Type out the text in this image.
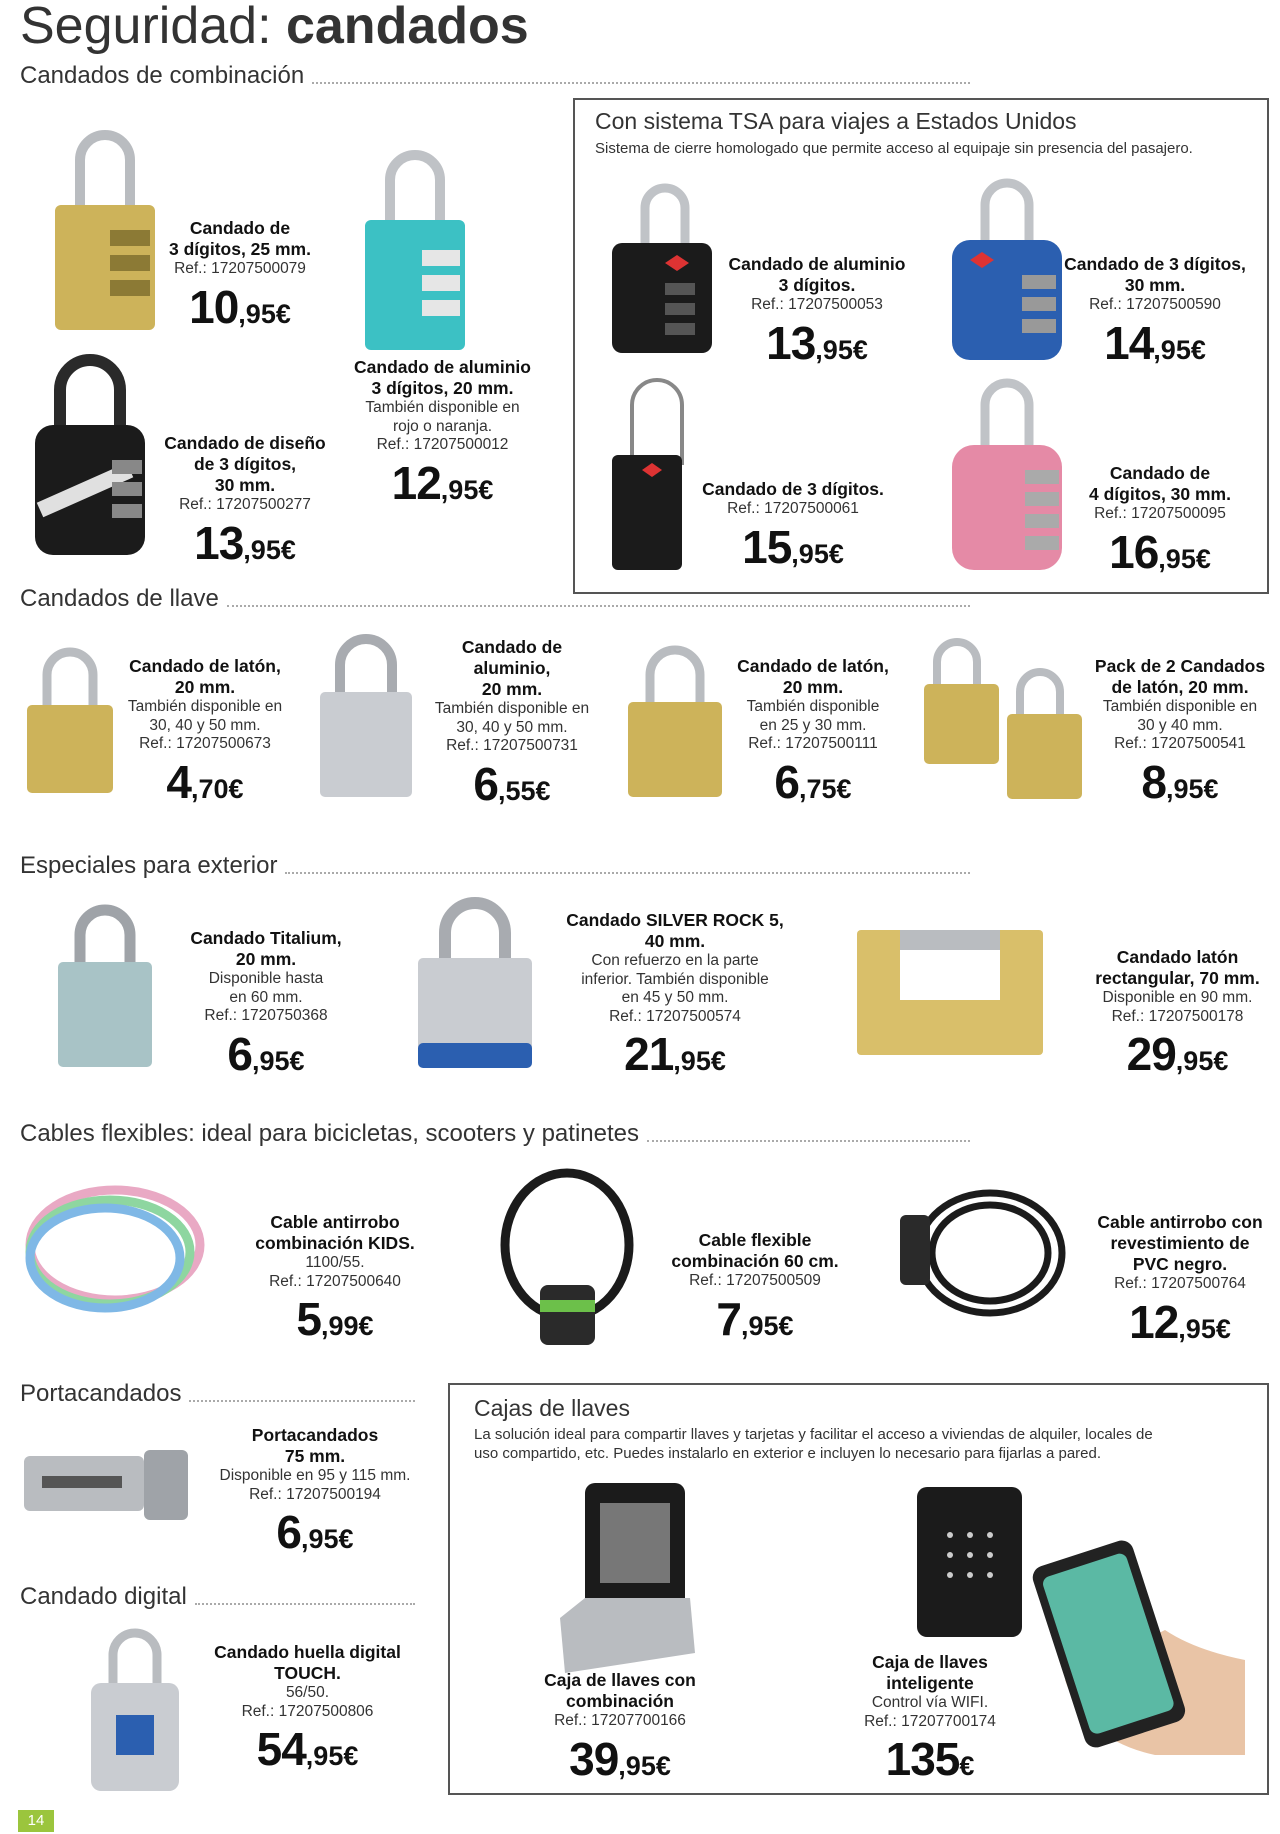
Seguridad: candados
Candados de combinación
Candados de llave
Especiales para exterior
Cables flexibles: ideal para bicicletas, scooters y patinetes
Portacandados
Candado digital
Con sistema TSA para viajes a Estados Unidos
Sistema de cierre homologado que permite acceso al equipaje sin presencia del pasajero.
Cajas de llaves
La solución ideal para compartir llaves y tarjetas y facilitar el acceso a viviendas de alquiler, locales de
uso compartido, etc. Puedes instalarlo en exterior e incluyen lo necesario para fijarlas a pared.
Candado de
3 dígitos, 25 mm.
Ref.: 17207500079
10,95€
Candado de aluminio
3 dígitos, 20 mm.
También disponible en
rojo o naranja.
Ref.: 17207500012
12,95€
Candado de diseño
de 3 dígitos,
30 mm.
Ref.: 17207500277
13,95€
Candado de aluminio
3 dígitos.
Ref.: 17207500053
13,95€
Candado de 3 dígitos,
30 mm.
Ref.: 17207500590
14,95€
Candado de 3 dígitos.
Ref.: 17207500061
15,95€
Candado de
4 dígitos, 30 mm.
Ref.: 17207500095
16,95€
Candado de latón,
20 mm.
También disponible en
30, 40 y 50 mm.
Ref.: 17207500673
4,70€
Candado de
aluminio,
20 mm.
También disponible en
30, 40 y 50 mm.
Ref.: 17207500731
6,55€
Candado de latón,
20 mm.
También disponible
en 25 y 30 mm.
Ref.: 17207500111
6,75€
Pack de 2 Candados
de latón, 20 mm.
También disponible en
30 y 40 mm.
Ref.: 17207500541
8,95€
Candado Titalium,
20 mm.
Disponible hasta
en 60 mm.
Ref.: 1720750368
6,95€
Candado SILVER ROCK 5,
40 mm.
Con refuerzo en la parte
inferior. También disponible
en 45 y 50 mm.
Ref.: 17207500574
21,95€
Candado latón
rectangular, 70 mm.
Disponible en 90 mm.
Ref.: 17207500178
29,95€
Cable antirrobo
combinación KIDS.
1100/55.
Ref.: 17207500640
5,99€
Cable flexible
combinación 60 cm.
Ref.: 17207500509
7,95€
Cable antirrobo con
revestimiento de
PVC negro.
Ref.: 17207500764
12,95€
Portacandados
75 mm.
Disponible en 95 y 115 mm.
Ref.: 17207500194
6,95€
Candado huella digital
TOUCH.
56/50.
Ref.: 17207500806
54,95€
Caja de llaves con
combinación
Ref.: 17207700166
39,95€
Caja de llaves
inteligente
Control vía WIFI.
Ref.: 17207700174
135€
14
